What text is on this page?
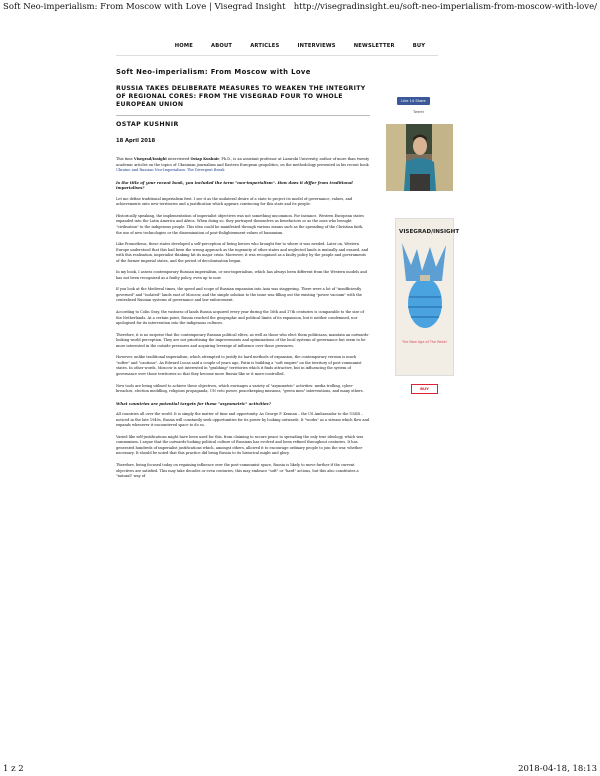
Soft Neo-imperialism: From Moscow with Love | Visegrad Insight http://visegradinsight.eu/soft-neo-imperialism-from-moscow-with-love/
HOME	ABOUT	ARTICLES	INTERVIEWS	NEWSLETTER	BUY
Soft Neo-imperialism: From Moscow with Love
RUSSIA TAKES DELIBERATE MEASURES TO WEAKEN THE INTEGRITY OF REGIONAL CORES: FROM THE VISEGRAD FOUR TO WHOLE EUROPEAN UNION
OSTAP KUSHNIR
18 April 2018

This time Visegrad/Insight interviewed Ostap Kushnir, Ph.D., is an assistant professor at Lazarski University, author of more than twenty academic articles on the topics of Ukrainian journalism and Eastern European geopolitics, on the methodology presented in his recent book Ukraine and Russian Neo-Imperialism: The Divergent Break

Is the title of your recent book, you included the term "neo-imperialism". How does it differ from traditional imperialism?

Let me define traditional imperialism first. I see it as the unilateral desire of a state to project its model of governance, values, and achievements onto new territories and a justification which appears convincing for this state and its people.

Historically speaking, the implementation of imperialist objectives was not something uncommon. For instance, Western European states expanded into the Latin America and Africa. When doing so, they portrayed themselves as benefactors or as the ones who brought "civilisation" to the indigenous people. This idea could be manifested through various means such as the spreading of the Christian faith, the use of new technologies or the dissemination of post-Enlightenment values of humanism.

Like Prometheus, these states developed a self-perception of being heroes who brought fire to where it was needed. Later on, Western Europe understood that this had been the wrong approach as the ingenuity of other states and neglected lands is mutually and ensued, and with this realisation, imperialist thinking hit its major crisis. Moreover, it was recognised as a faulty policy by the people and governments of the former imperial states, and the period of decolonisation began.

In my book, I assess contemporary Russian imperialism, or neo-imperialism, which has always been different from the Western models and has not been recognised as a faulty policy, even up to now.

If you look at the Medieval times, the speed and scope of Russian expansion into Asia was staggering. There were a lot of "insufficiently governed" and "isolated" lands east of Moscow, and the simple solution to the issue was filling out the existing "power vacuum" with the centralised Russian systems of governance and law enforcement.

According to Colin Gray, the vastness of lands Russia acquired every year during the 16th and 17th centuries is comparable to the size of the Netherlands. At a certain point, Russia reached the geographic and political limits of its expansion, but it neither condemned, nor apologised for its intervention into the indigenous cultures.

Therefore, it is no surprise that the contemporary Russian political elites, as well as those who elect them politicians, maintain an outwards-looking world perception. They are not prioritising the improvements and optimisations of the local systems of governance but seem to be more interested in the outside pressures and acquiring leverage of influence over those pressures.

However, unlike traditional imperialism, which attempted to justify its hard methods of expansion, the contemporary version is much "softer" and "cautious". As Edward Lucas said a couple of years ago, Putin is building a "soft empire" on the territory of post-communist states. In other words, Moscow is not interested in "grabbing" territories which it finds attractive, but in influencing the system of governance over those territories so that they become more Russia-like or it more-controlled.

New tools are being utilised to achieve these objectives, which envisages a variety of "asymmetric" activities: media trolling, cyber-breaches, election meddling, religious propaganda, UN veto power, peacekeeping missions, "green men" interventions, and many others.

What countries are potential targets for these "asymmetric" activities?

All countries all over the world. It is simply the matter of time and opportunity. As George F. Kennan – the US Ambassador to the USSR – noticed in the late 1940s, Russia will constantly seek opportunities for its power by looking outwards. It "works" as a stream which flow and expands whenever it encountered space to do so.

Varied like self-justifications might have been used for this, from claiming to secure peace to spreading the only true ideology, which was communism. I argue that the outwards-looking political culture of Russians has evolved and been refined throughout centuries. It has generated hundreds of imperialist justifications which, amongst others, allowed it to encourage ordinary people to join the war, whether necessary. It should be noted that this practice did bring Russia to its historical might and glory.

Therefore, being focused today on regaining influence over the post-communist space, Russia is likely to move further if the current objectives are satisfied. This may take decades or even centuries, this may embrace "soft" or "hard" actions, but this also constitutes a "natural" way of

Like 14 Share
Tweet
VISEGRAD/INSIGHT
The New Age of The Rebel
BUY
1 z 2	2018-04-18, 18:13
